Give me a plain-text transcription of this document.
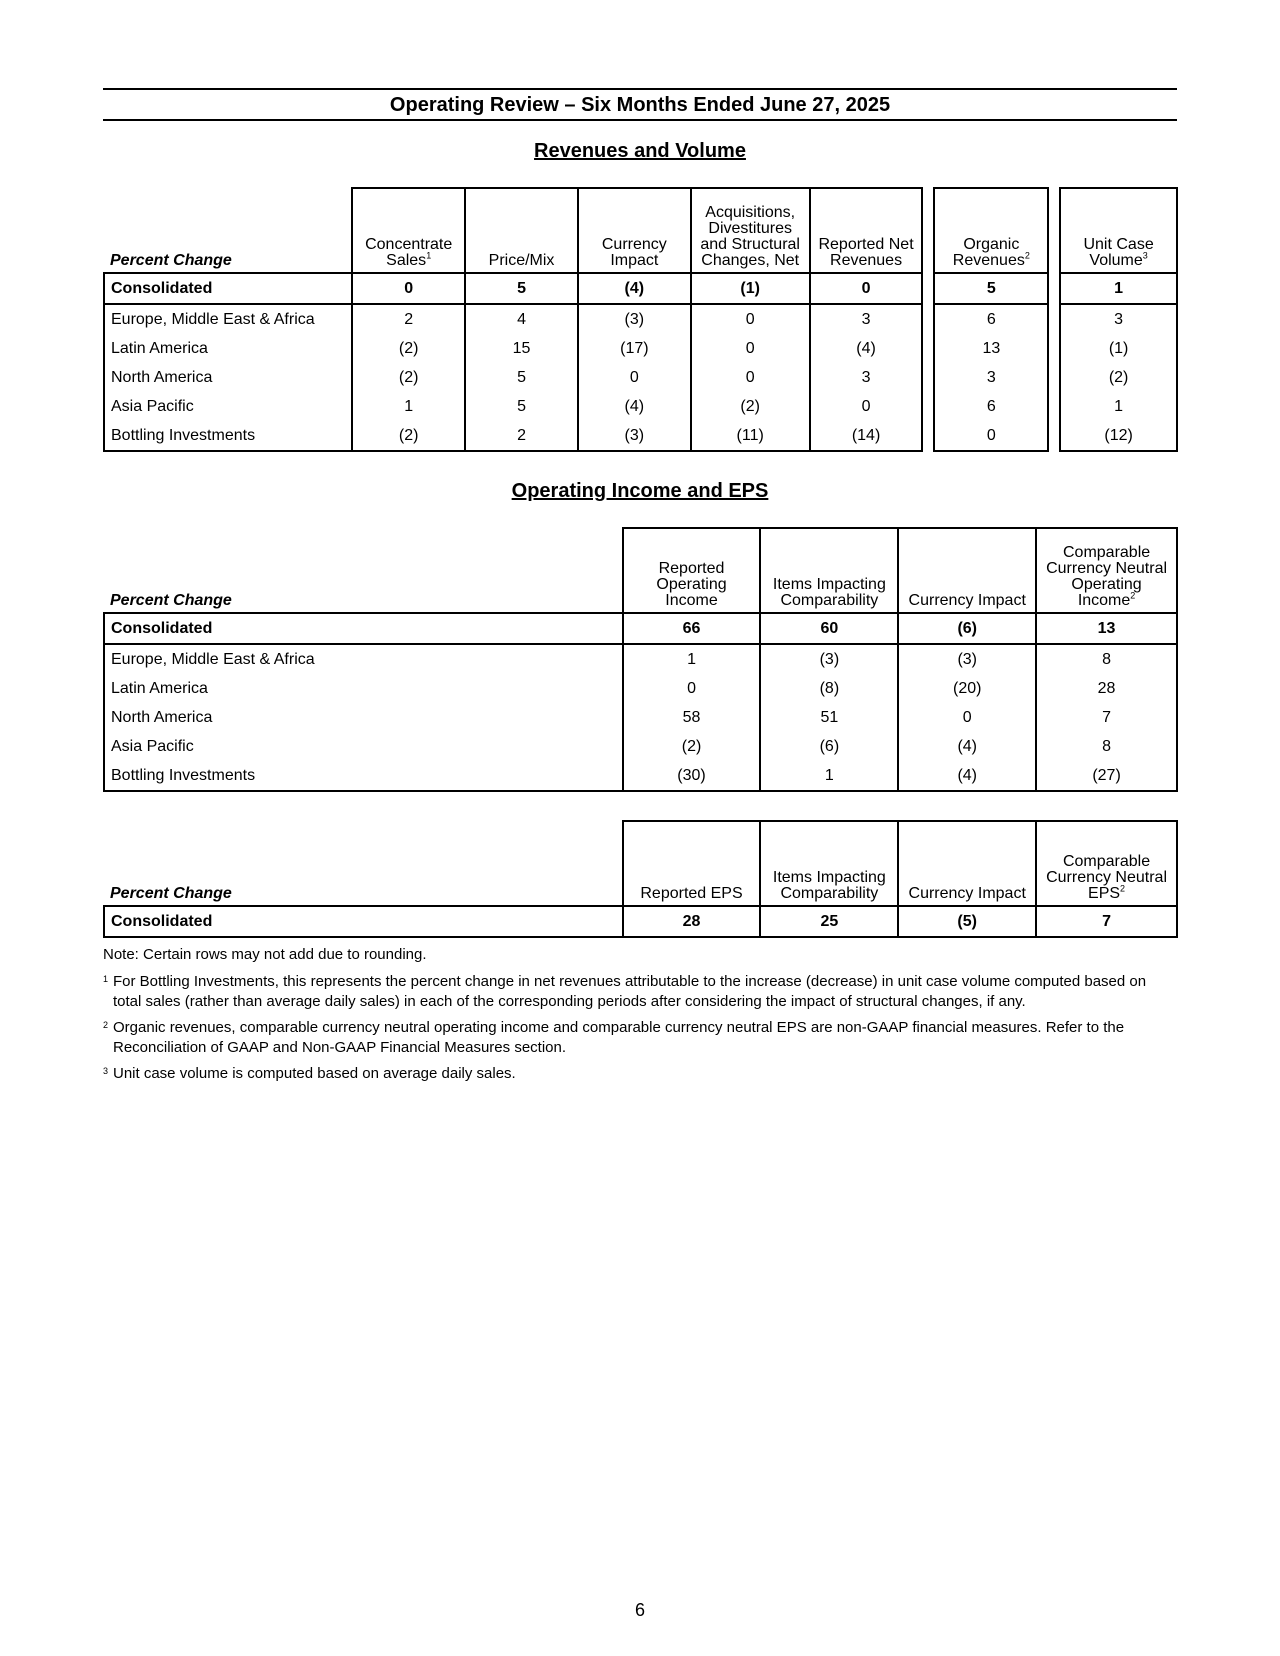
Operating Review – Six Months Ended June 27, 2025
Revenues and Volume
Percent Change	Concentrate Sales$^1$	Price/Mix	Currency Impact	Acquisitions, Divestitures and Structural Changes, Net	Reported Net Revenues		Organic Revenues$^2$		Unit Case Volume$^3$
Consolidated	0	5	(4)	(1)	0		5		1
Europe, Middle East & Africa	2	4	(3)	0	3		6		3
Latin America	(2)	15	(17)	0	(4)		13		(1)
North America	(2)	5	0	0	3		3		(2)
Asia Pacific	1	5	(4)	(2)	0		6		1
Bottling Investments	(2)	2	(3)	(11)	(14)		0		(12)
Operating Income and EPS
Percent Change	Reported Operating Income	Items Impacting Comparability	Currency Impact	Comparable Currency Neutral Operating Income$^2$
Consolidated	66	60	(6)	13
Europe, Middle East & Africa	1	(3)	(3)	8
Latin America	0	(8)	(20)	28
North America	58	51	0	7
Asia Pacific	(2)	(6)	(4)	8
Bottling Investments	(30)	1	(4)	(27)
Percent Change	Reported EPS	Items Impacting Comparability	Currency Impact	Comparable Currency Neutral EPS$^2$
Consolidated	28	25	(5)	7
Note: Certain rows may not add due to rounding.
1 For Bottling Investments, this represents the percent change in net revenues attributable to the increase (decrease) in unit case volume computed based on total sales (rather than average daily sales) in each of the corresponding periods after considering the impact of structural changes, if any.
2 Organic revenues, comparable currency neutral operating income and comparable currency neutral EPS are non-GAAP financial measures. Refer to the Reconciliation of GAAP and Non-GAAP Financial Measures section.
3 Unit case volume is computed based on average daily sales.
6
